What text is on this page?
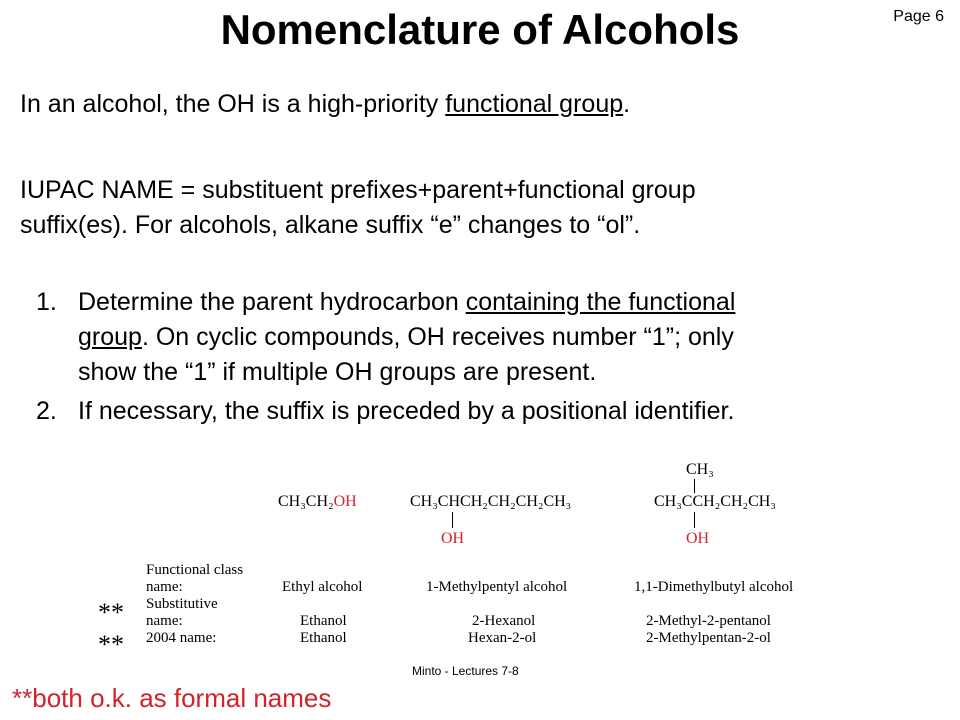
Nomenclature of Alcohols	Page 6
In an alcohol, the OH is a high-priority functional group.
IUPAC NAME = substituent prefixes+parent+functional group
suffix(es). For alcohols, alkane suffix “e” changes to “ol”.
1. Determine the parent hydrocarbon containing the functional
group. On cyclic compounds, OH receives number “1”; only
show the “1” if multiple OH groups are present.
2. If necessary, the suffix is preceded by a positional identifier.
CH₃CH₂OH	CH₃CHCH₂CH₂CH₂CH₃
OH
CH₃
CH₃CCH₂CH₂CH₃
OH
Functional class
name:
Substitutive
name:
2004 name:
Ethyl alcohol
Ethanol
Ethanol
1-Methylpentyl alcohol
2-Hexanol
Hexan-2-ol
1,1-Dimethylbutyl alcohol
2-Methyl-2-pentanol
2-Methylpentan-2-ol
**
**
Minto - Lectures 7-8
**both o.k. as formal names
